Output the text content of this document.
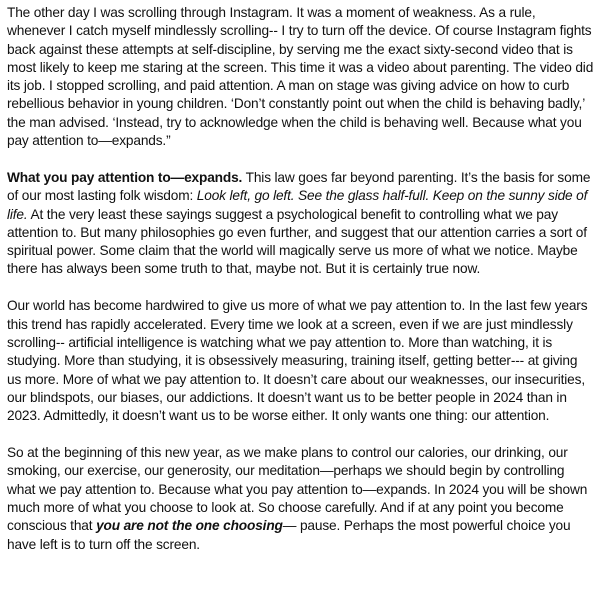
The other day I was scrolling through Instagram. It was a moment of weakness. As a rule, whenever I catch myself mindlessly scrolling-- I try to turn off the device. Of course Instagram fights back against these attempts at self-discipline, by serving me the exact sixty-second video that is most likely to keep me staring at the screen. This time it was a video about parenting. The video did its job. I stopped scrolling, and paid attention. A man on stage was giving advice on how to curb rebellious behavior in young children. ‘Don’t constantly point out when the child is behaving badly,’ the man advised. ‘Instead, try to acknowledge when the child is behaving well. Because what you pay attention to—expands.”

What you pay attention to—expands. This law goes far beyond parenting. It’s the basis for some of our most lasting folk wisdom: Look left, go left. See the glass half-full. Keep on the sunny side of life. At the very least these sayings suggest a psychological benefit to controlling what we pay attention to. But many philosophies go even further, and suggest that our attention carries a sort of spiritual power. Some claim that the world will magically serve us more of what we notice. Maybe there has always been some truth to that, maybe not. But it is certainly true now.

Our world has become hardwired to give us more of what we pay attention to. In the last few years this trend has rapidly accelerated. Every time we look at a screen, even if we are just mindlessly scrolling-- artificial intelligence is watching what we pay attention to. More than watching, it is studying. More than studying, it is obsessively measuring, training itself, getting better--- at giving us more. More of what we pay attention to. It doesn’t care about our weaknesses, our insecurities, our blindspots, our biases, our addictions. It doesn’t want us to be better people in 2024 than in 2023. Admittedly, it doesn’t want us to be worse either. It only wants one thing: our attention.

So at the beginning of this new year, as we make plans to control our calories, our drinking, our smoking, our exercise, our generosity, our meditation—perhaps we should begin by controlling what we pay attention to. Because what you pay attention to—expands. In 2024 you will be shown much more of what you choose to look at. So choose carefully. And if at any point you become conscious that you are not the one choosing— pause. Perhaps the most powerful choice you have left is to turn off the screen.
